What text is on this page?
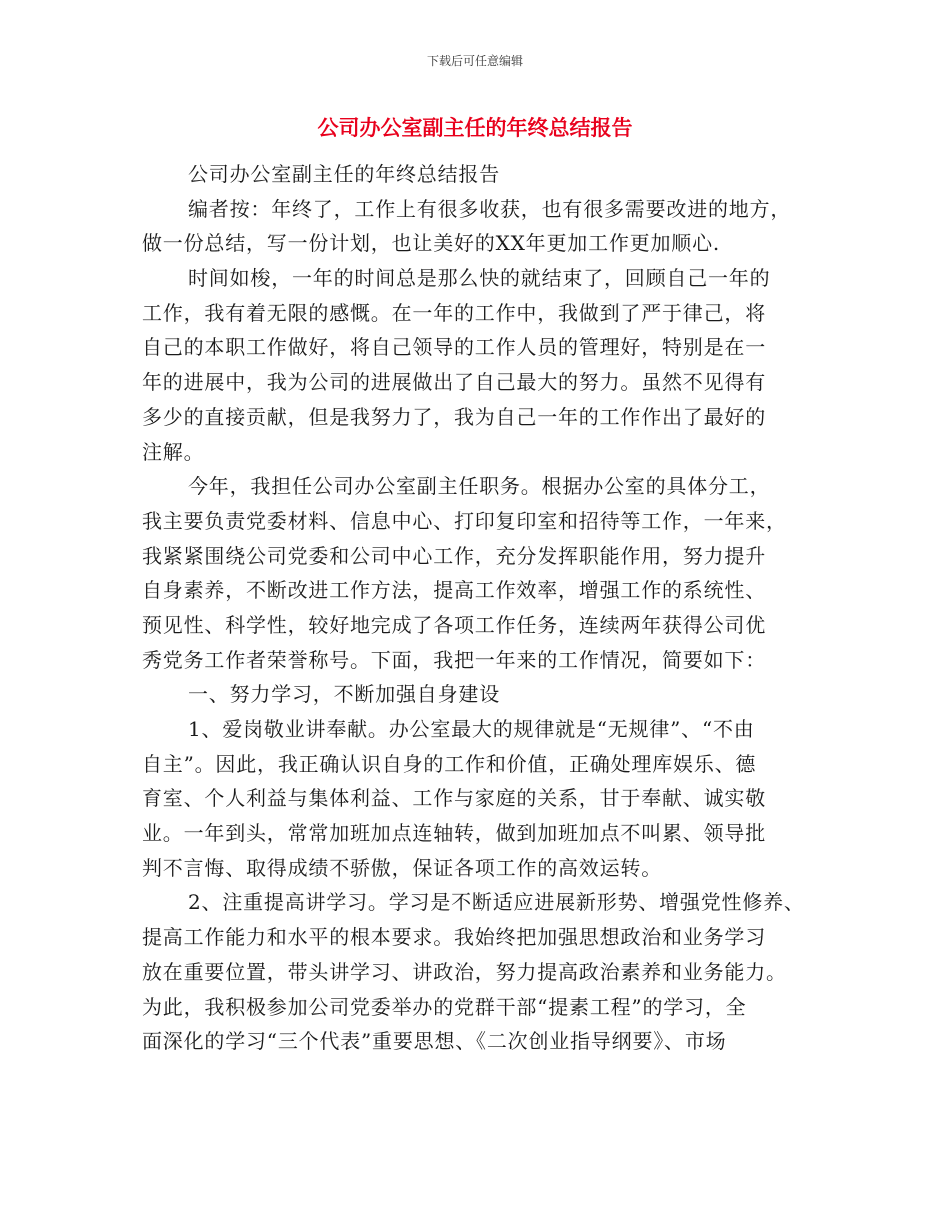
下载后可任意编辑
公司办公室副主任的年终总结报告
公司办公室副主任的年终总结报告
编者按：年终了，工作上有很多收获，也有很多需要改进的地方，
做一份总结，写一份计划，也让美好的XX年更加工作更加顺心.
时间如梭，一年的时间总是那么快的就结束了，回顾自己一年的
工作，我有着无限的感慨。在一年的工作中，我做到了严于律己，将
自己的本职工作做好，将自己领导的工作人员的管理好，特别是在一
年的进展中，我为公司的进展做出了自己最大的努力。虽然不见得有
多少的直接贡献，但是我努力了，我为自己一年的工作作出了最好的
注解。
今年，我担任公司办公室副主任职务。根据办公室的具体分工，
我主要负责党委材料、信息中心、打印复印室和招待等工作，一年来，
我紧紧围绕公司党委和公司中心工作，充分发挥职能作用，努力提升
自身素养，不断改进工作方法，提高工作效率，增强工作的系统性、
预见性、科学性，较好地完成了各项工作任务，连续两年获得公司优
秀党务工作者荣誉称号。下面，我把一年来的工作情况，简要如下：
一、努力学习，不断加强自身建设
1、爱岗敬业讲奉献。办公室最大的规律就是“无规律”、“不由
自主”。因此，我正确认识自身的工作和价值，正确处理库娱乐、德
育室、个人利益与集体利益、工作与家庭的关系，甘于奉献、诚实敬
业。一年到头，常常加班加点连轴转，做到加班加点不叫累、领导批
判不言悔、取得成绩不骄傲，保证各项工作的高效运转。
2、注重提高讲学习。学习是不断适应进展新形势、增强党性修养、
提高工作能力和水平的根本要求。我始终把加强思想政治和业务学习
放在重要位置，带头讲学习、讲政治，努力提高政治素养和业务能力。
为此，我积极参加公司党委举办的党群干部“提素工程”的学习，全
面深化的学习“三个代表”重要思想、《二次创业指导纲要》、市场
